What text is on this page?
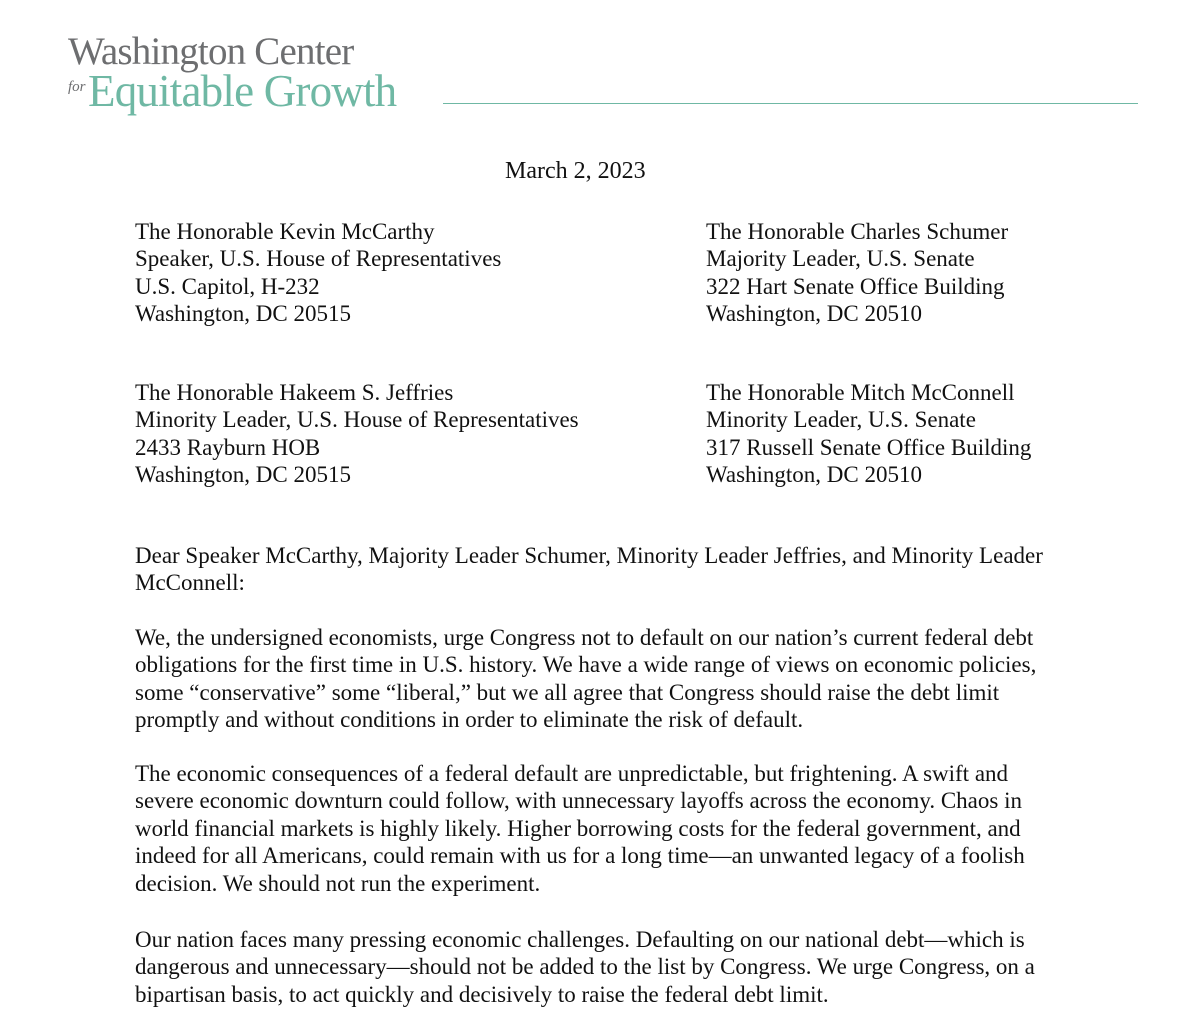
Washington Center
for Equitable Growth
March 2, 2023
The Honorable Kevin McCarthy
Speaker, U.S. House of Representatives
U.S. Capitol, H-232
Washington, DC 20515
The Honorable Charles Schumer
Majority Leader, U.S. Senate
322 Hart Senate Office Building
Washington, DC 20510
The Honorable Hakeem S. Jeffries
Minority Leader, U.S. House of Representatives
2433 Rayburn HOB
Washington, DC 20515
The Honorable Mitch McConnell
Minority Leader, U.S. Senate
317 Russell Senate Office Building
Washington, DC 20510
Dear Speaker McCarthy, Majority Leader Schumer, Minority Leader Jeffries, and Minority Leader McConnell:
We, the undersigned economists, urge Congress not to default on our nation’s current federal debt
obligations for the first time in U.S. history. We have a wide range of views on economic policies,
some “conservative” some “liberal,” but we all agree that Congress should raise the debt limit
promptly and without conditions in order to eliminate the risk of default.
The economic consequences of a federal default are unpredictable, but frightening. A swift and
severe economic downturn could follow, with unnecessary layoffs across the economy. Chaos in
world financial markets is highly likely. Higher borrowing costs for the federal government, and
indeed for all Americans, could remain with us for a long time—an unwanted legacy of a foolish
decision. We should not run the experiment.
Our nation faces many pressing economic challenges. Defaulting on our national debt—which is
dangerous and unnecessary—should not be added to the list by Congress. We urge Congress, on a
bipartisan basis, to act quickly and decisively to raise the federal debt limit.
